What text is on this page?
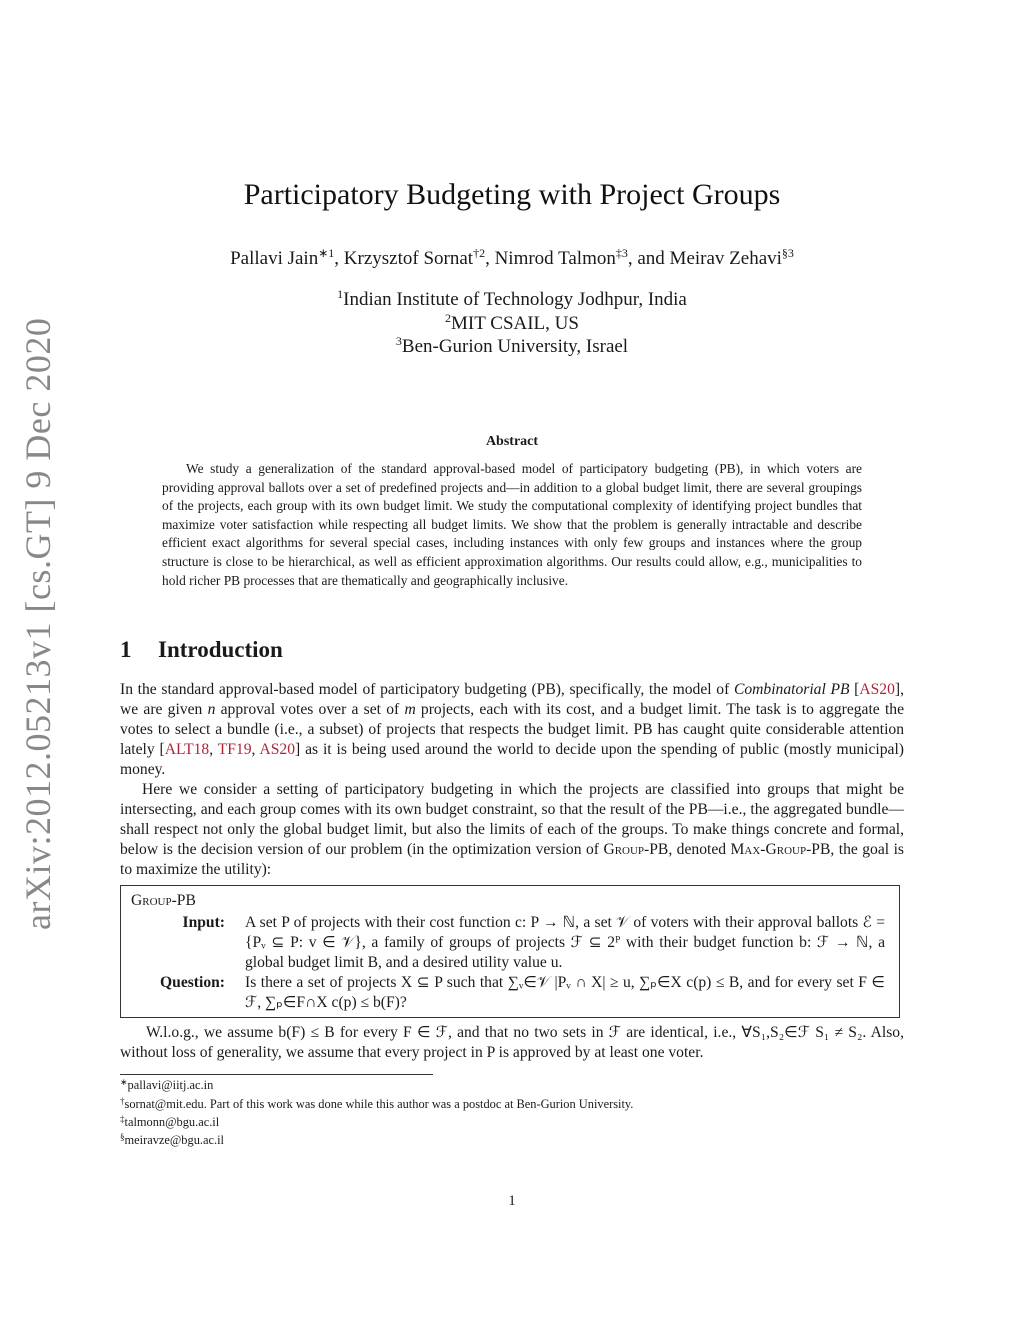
arXiv:2012.05213v1 [cs.GT] 9 Dec 2020
Participatory Budgeting with Project Groups
Pallavi Jain$^{∗1}$, Krzysztof Sornat$^{\dagger 2}$, Nimrod Talmon$^{\ddagger 3}$, and Meirav Zehavi$^{\S 3}$
$^1$Indian Institute of Technology Jodhpur, India
$^2$MIT CSAIL, US
$^3$Ben-Gurion University, Israel
Abstract
We study a generalization of the standard approval-based model of participatory budgeting (PB), in which voters are providing approval ballots over a set of predefined projects and—in addition to a global budget limit, there are several groupings of the projects, each group with its own budget limit. We study the computational complexity of identifying project bundles that maximize voter satisfaction while respecting all budget limits. We show that the problem is generally intractable and describe efficient exact algorithms for several special cases, including instances with only few groups and instances where the group structure is close to be hierarchical, as well as efficient approximation algorithms. Our results could allow, e.g., municipalities to hold richer PB processes that are thematically and geographically inclusive.
1 Introduction
In the standard approval-based model of participatory budgeting (PB), specifically, the model of Combinatorial PB [AS20], we are given n approval votes over a set of m projects, each with its cost, and a budget limit. The task is to aggregate the votes to select a bundle (i.e., a subset) of projects that respects the budget limit. PB has caught quite considerable attention lately [ALT18, TF19, AS20] as it is being used around the world to decide upon the spending of public (mostly municipal) money.
Here we consider a setting of participatory budgeting in which the projects are classified into groups that might be intersecting, and each group comes with its own budget constraint, so that the result of the PB—i.e., the aggregated bundle—shall respect not only the global budget limit, but also the limits of each of the groups. To make things concrete and formal, below is the decision version of our problem (in the optimization version of Group-PB, denoted Max-Group-PB, the goal is to maximize the utility):
Group-PB
Input: A set P of projects with their cost function c: P → ℕ, a set 𝒱 of voters with their approval ballots ℰ = {Pᵥ ⊆ P: v ∈ 𝒱}, a family of groups of projects ℱ ⊆ 2ᴾ with their budget function b: ℱ → ℕ, a global budget limit B, and a desired utility value u.
Question: Is there a set of projects X ⊆ P such that ∑ᵥ∈𝒱 |Pᵥ ∩ X| ≥ u, ∑ₚ∈X c(p) ≤ B, and for every set F ∈ ℱ, ∑ₚ∈F∩X c(p) ≤ b(F)?
W.l.o.g., we assume b(F) ≤ B for every F ∈ ℱ, and that no two sets in ℱ are identical, i.e., ∀S₁,S₂∈ℱ S₁ ≠ S₂. Also, without loss of generality, we assume that every project in P is approved by at least one voter.
∗pallavi@iitj.ac.in
†sornat@mit.edu. Part of this work was done while this author was a postdoc at Ben-Gurion University.
‡talmonn@bgu.ac.il
§meiravze@bgu.ac.il
1
